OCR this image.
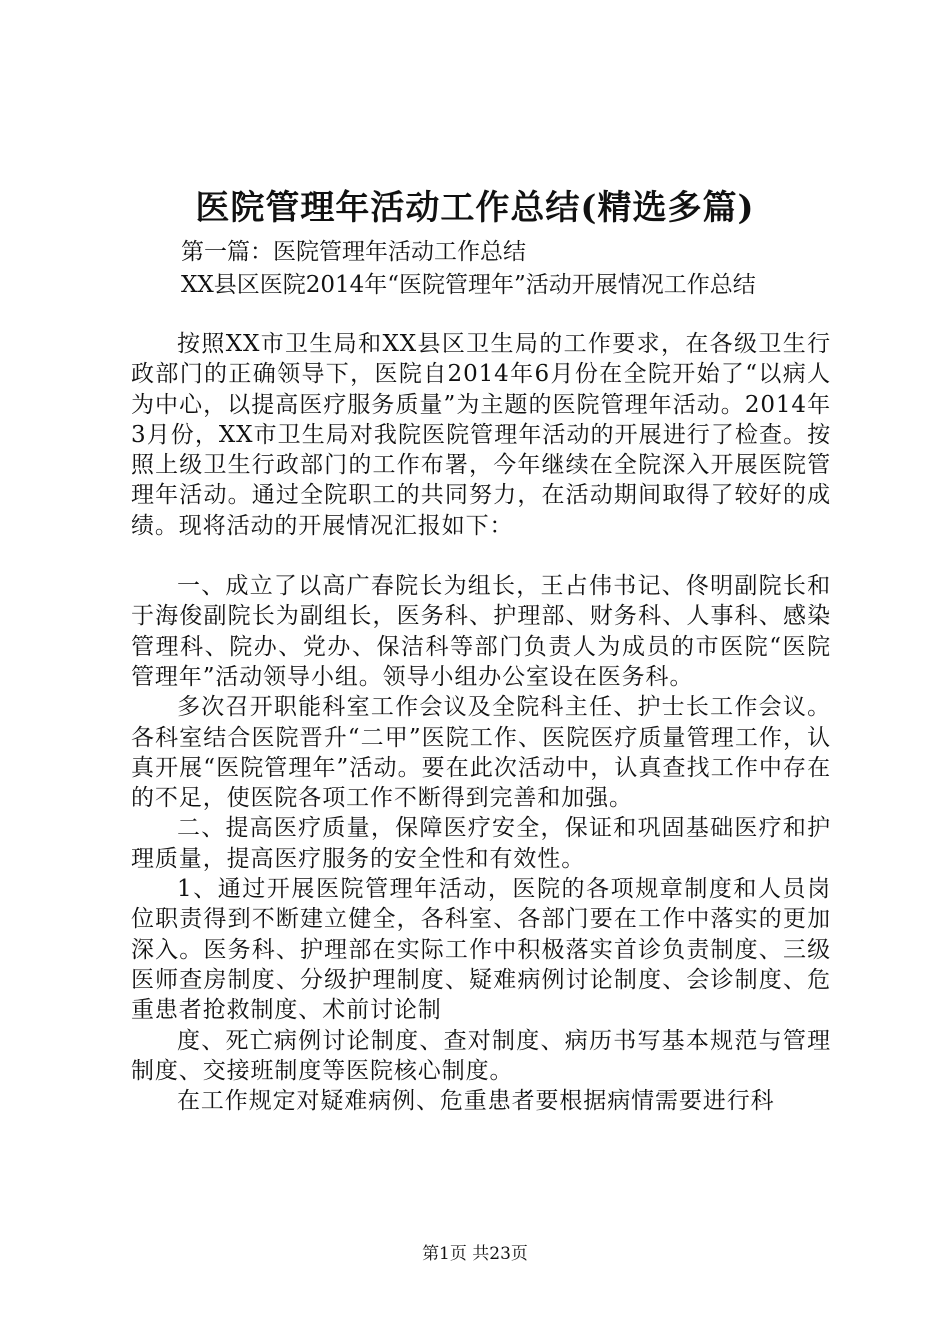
医院管理年活动工作总结(精选多篇)
第一篇：医院管理年活动工作总结
XX县区医院2014年“医院管理年”活动开展情况工作总结

按照XX市卫生局和XX县区卫生局的工作要求，在各级卫生行政部门的正确领导下，医院自2014年6月份在全院开始了“以病人为中心，以提高医疗服务质量”为主题的医院管理年活动。2014年3月份，XX市卫生局对我院医院管理年活动的开展进行了检查。按照上级卫生行政部门的工作布署，今年继续在全院深入开展医院管理年活动。通过全院职工的共同努力，在活动期间取得了较好的成绩。现将活动的开展情况汇报如下：

一、成立了以高广春院长为组长，王占伟书记、佟明副院长和于海俊副院长为副组长，医务科、护理部、财务科、人事科、感染管理科、院办、党办、保洁科等部门负责人为成员的市医院“医院管理年”活动领导小组。领导小组办公室设在医务科。

多次召开职能科室工作会议及全院科主任、护士长工作会议。各科室结合医院晋升“二甲”医院工作、医院医疗质量管理工作，认真开展“医院管理年”活动。要在此次活动中，认真查找工作中存在的不足，使医院各项工作不断得到完善和加强。

二、提高医疗质量，保障医疗安全，保证和巩固基础医疗和护理质量，提高医疗服务的安全性和有效性。

1、通过开展医院管理年活动，医院的各项规章制度和人员岗位职责得到不断建立健全，各科室、各部门要在工作中落实的更加深入。医务科、护理部在实际工作中积极落实首诊负责制度、三级医师查房制度、分级护理制度、疑难病例讨论制度、会诊制度、危重患者抢救制度、术前讨论制

度、死亡病例讨论制度、查对制度、病历书写基本规范与管理制度、交接班制度等医院核心制度。

在工作规定对疑难病例、危重患者要根据病情需要进行科

第1页 共23页
